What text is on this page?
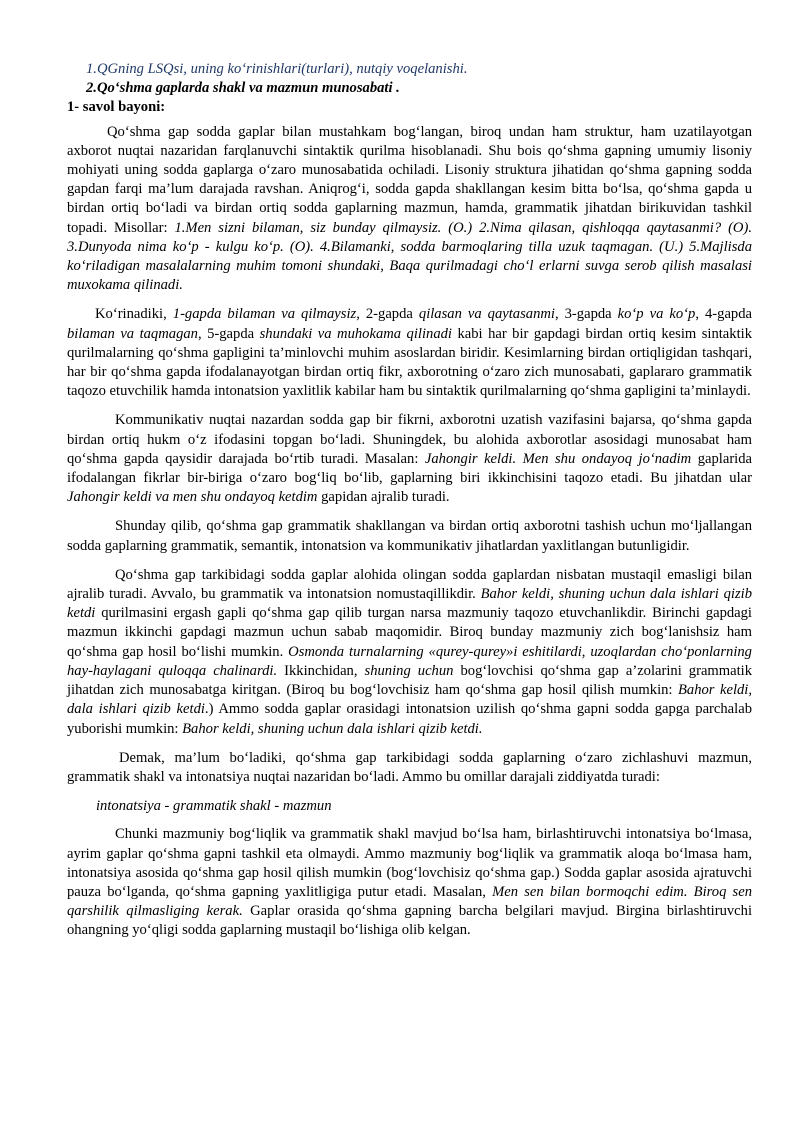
1.QGning LSQsi, uning ko‘rinishlari(turlari), nutqiy voqelanishi.
2.Qo‘shma gaplarda shakl va mazmun munosabati .
1- savol bayoni:

Qo‘shma gap sodda gaplar bilan mustahkam bog‘langan, biroq undan ham struktur, ham uzatilayotgan axborot nuqtai nazaridan farqlanuvchi sintaktik qurilma hisoblanadi. Shu bois qo‘shma gapning umumiy lisoniy mohiyati uning sodda gaplarga o‘zaro munosabatida ochiladi. Lisoniy struktura jihatidan qo‘shma gapning sodda gapdan farqi ma’lum darajada ravshan. Aniqrog‘i, sodda gapda shakllangan kesim bitta bo‘lsa, qo‘shma gapda u birdan ortiq bo‘ladi va birdan ortiq sodda gaplarning mazmun, hamda, grammatik jihatdan birikuvidan tashkil topadi. Misollar: 1.Men sizni bilaman, siz bunday qilmaysiz. (O.) 2.Nima qilasan, qishloqqa qaytasanmi? (O). 3.Dunyoda nima ko‘p - kulgu ko‘p. (O). 4.Bilamanki, sodda barmoqlaring tilla uzuk taqmagan. (U.) 5.Majlisda ko‘riladigan masalalarning muhim tomoni shundaki, Baqa qurilmadagi cho‘l erlarni suvga serob qilish masalasi muxokama qilinadi.

Ko‘rinadiki, 1-gapda bilaman va qilmaysiz, 2-gapda qilasan va qaytasanmi, 3-gapda ko‘p va ko‘p, 4-gapda bilaman va taqmagan, 5-gapda shundaki va muhokama qilinadi kabi har bir gapdagi birdan ortiq kesim sintaktik qurilmalarning qo‘shma gapligini ta’minlovchi muhim asoslardan biridir. Kesimlarning birdan ortiqligidan tashqari, har bir qo‘shma gapda ifodalanayotgan birdan ortiq fikr, axborotning o‘zaro zich munosabati, gaplararo grammatik taqozo etuvchilik hamda intonatsion yaxlitlik kabilar ham bu sintaktik qurilmalarning qo‘shma gapligini ta’minlaydi.

Kommunikativ nuqtai nazardan sodda gap bir fikrni, axborotni uzatish vazifasini bajarsa, qo‘shma gapda birdan ortiq hukm o‘z ifodasini topgan bo‘ladi. Shuningdek, bu alohida axborotlar asosidagi munosabat ham qo‘shma gapda qaysidir darajada bo‘rtib turadi. Masalan: Jahongir keldi. Men shu ondayoq jo‘nadim gaplarida ifodalangan fikrlar bir-biriga o‘zaro bog‘liq bo‘lib, gaplarning biri ikkinchisini taqozo etadi. Bu jihatdan ular Jahongir keldi va men shu ondayoq ketdim gapidan ajralib turadi.

Shunday qilib, qo‘shma gap grammatik shakllangan va birdan ortiq axborotni tashish uchun mo‘ljallangan sodda gaplarning grammatik, semantik, intonatsion va kommunikativ jihatlardan yaxlitlangan butunligidir.

Qo‘shma gap tarkibidagi sodda gaplar alohida olingan sodda gaplardan nisbatan mustaqil emasligi bilan ajralib turadi. Avvalo, bu grammatik va intonatsion nomustaqillikdir. Bahor keldi, shuning uchun dala ishlari qizib ketdi qurilmasini ergash gapli qo‘shma gap qilib turgan narsa mazmuniy taqozo etuvchanlikdir. Birinchi gapdagi mazmun ikkinchi gapdagi mazmun uchun sabab maqomidir. Biroq bunday mazmuniy zich bog‘lanishsiz ham qo‘shma gap hosil bo‘lishi mumkin. Osmonda turnalarning «qurey-qurey»i eshitilardi, uzoqlardan cho‘ponlarning hay-haylagani quloqqa chalinardi. Ikkinchidan, shuning uchun bog‘lovchisi qo‘shma gap a’zolarini grammatik jihatdan zich munosabatga kiritgan. (Biroq bu bog‘lovchisiz ham qo‘shma gap hosil qilish mumkin: Bahor keldi, dala ishlari qizib ketdi.) Ammo sodda gaplar orasidagi intonatsion uzilish qo‘shma gapni sodda gapga parchalab yuborishi mumkin: Bahor keldi, shuning uchun dala ishlari qizib ketdi.

Demak, ma’lum bo‘ladiki, qo‘shma gap tarkibidagi sodda gaplarning o‘zaro zichlashuvi mazmun, grammatik shakl va intonatsiya nuqtai nazaridan bo‘ladi. Ammo bu omillar darajali ziddiyatda turadi:

intonatsiya - grammatik shakl - mazmun

Chunki mazmuniy bog‘liqlik va grammatik shakl mavjud bo‘lsa ham, birlashtiruvchi intonatsiya bo‘lmasa, ayrim gaplar qo‘shma gapni tashkil eta olmaydi. Ammo mazmuniy bog‘liqlik va grammatik aloqa bo‘lmasa ham, intonatsiya asosida qo‘shma gap hosil qilish mumkin (bog‘lovchisiz qo‘shma gap.) Sodda gaplar asosida ajratuvchi pauza bo‘lganda, qo‘shma gapning yaxlitligiga putur etadi. Masalan, Men sen bilan bormoqchi edim. Biroq sen qarshilik qilmasliging kerak. Gaplar orasida qo‘shma gapning barcha belgilari mavjud. Birgina birlashtiruvchi ohangning yo‘qligi sodda gaplarning mustaqil bo‘lishiga olib kelgan.
